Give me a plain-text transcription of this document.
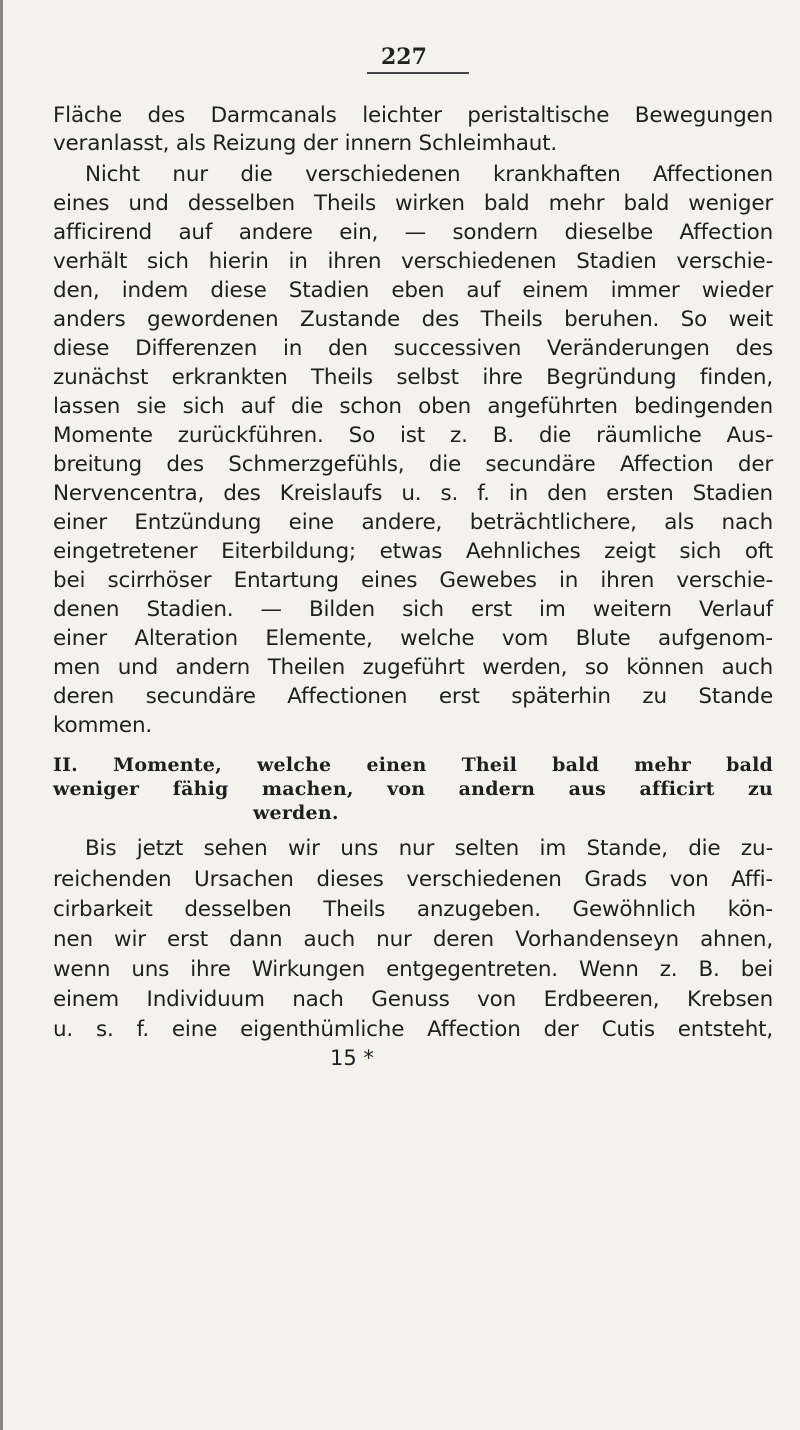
227
Fläche des Darmcanals leichter peristaltische Bewegungen
veranlasst, als Reizung der innern Schleimhaut.
Nicht nur die verschiedenen krankhaften Affectionen
eines und desselben Theils wirken bald mehr bald weniger
afficirend auf andere ein, — sondern dieselbe Affection
verhält sich hierin in ihren verschiedenen Stadien verschie-
den, indem diese Stadien eben auf einem immer wieder
anders gewordenen Zustande des Theils beruhen. So weit
diese Differenzen in den successiven Veränderungen des
zunächst erkrankten Theils selbst ihre Begründung finden,
lassen sie sich auf die schon oben angeführten bedingenden
Momente zurückführen. So ist z. B. die räumliche Aus-
breitung des Schmerzgefühls, die secundäre Affection der
Nervencentra, des Kreislaufs u. s. f. in den ersten Stadien
einer Entzündung eine andere, beträchtlichere, als nach
eingetretener Eiterbildung; etwas Aehnliches zeigt sich oft
bei scirrhöser Entartung eines Gewebes in ihren verschie-
denen Stadien. — Bilden sich erst im weitern Verlauf
einer Alteration Elemente, welche vom Blute aufgenom-
men und andern Theilen zugeführt werden, so können auch
deren secundäre Affectionen erst späterhin zu Stande
kommen.
II. Momente, welche einen Theil bald mehr bald
weniger fähig machen, von andern aus afficirt zu
werden.
Bis jetzt sehen wir uns nur selten im Stande, die zu-
reichenden Ursachen dieses verschiedenen Grads von Affi-
cirbarkeit desselben Theils anzugeben. Gewöhnlich kön-
nen wir erst dann auch nur deren Vorhandenseyn ahnen,
wenn uns ihre Wirkungen entgegentreten. Wenn z. B. bei
einem Individuum nach Genuss von Erdbeeren, Krebsen
u. s. f. eine eigenthümliche Affection der Cutis entsteht,
15 *
